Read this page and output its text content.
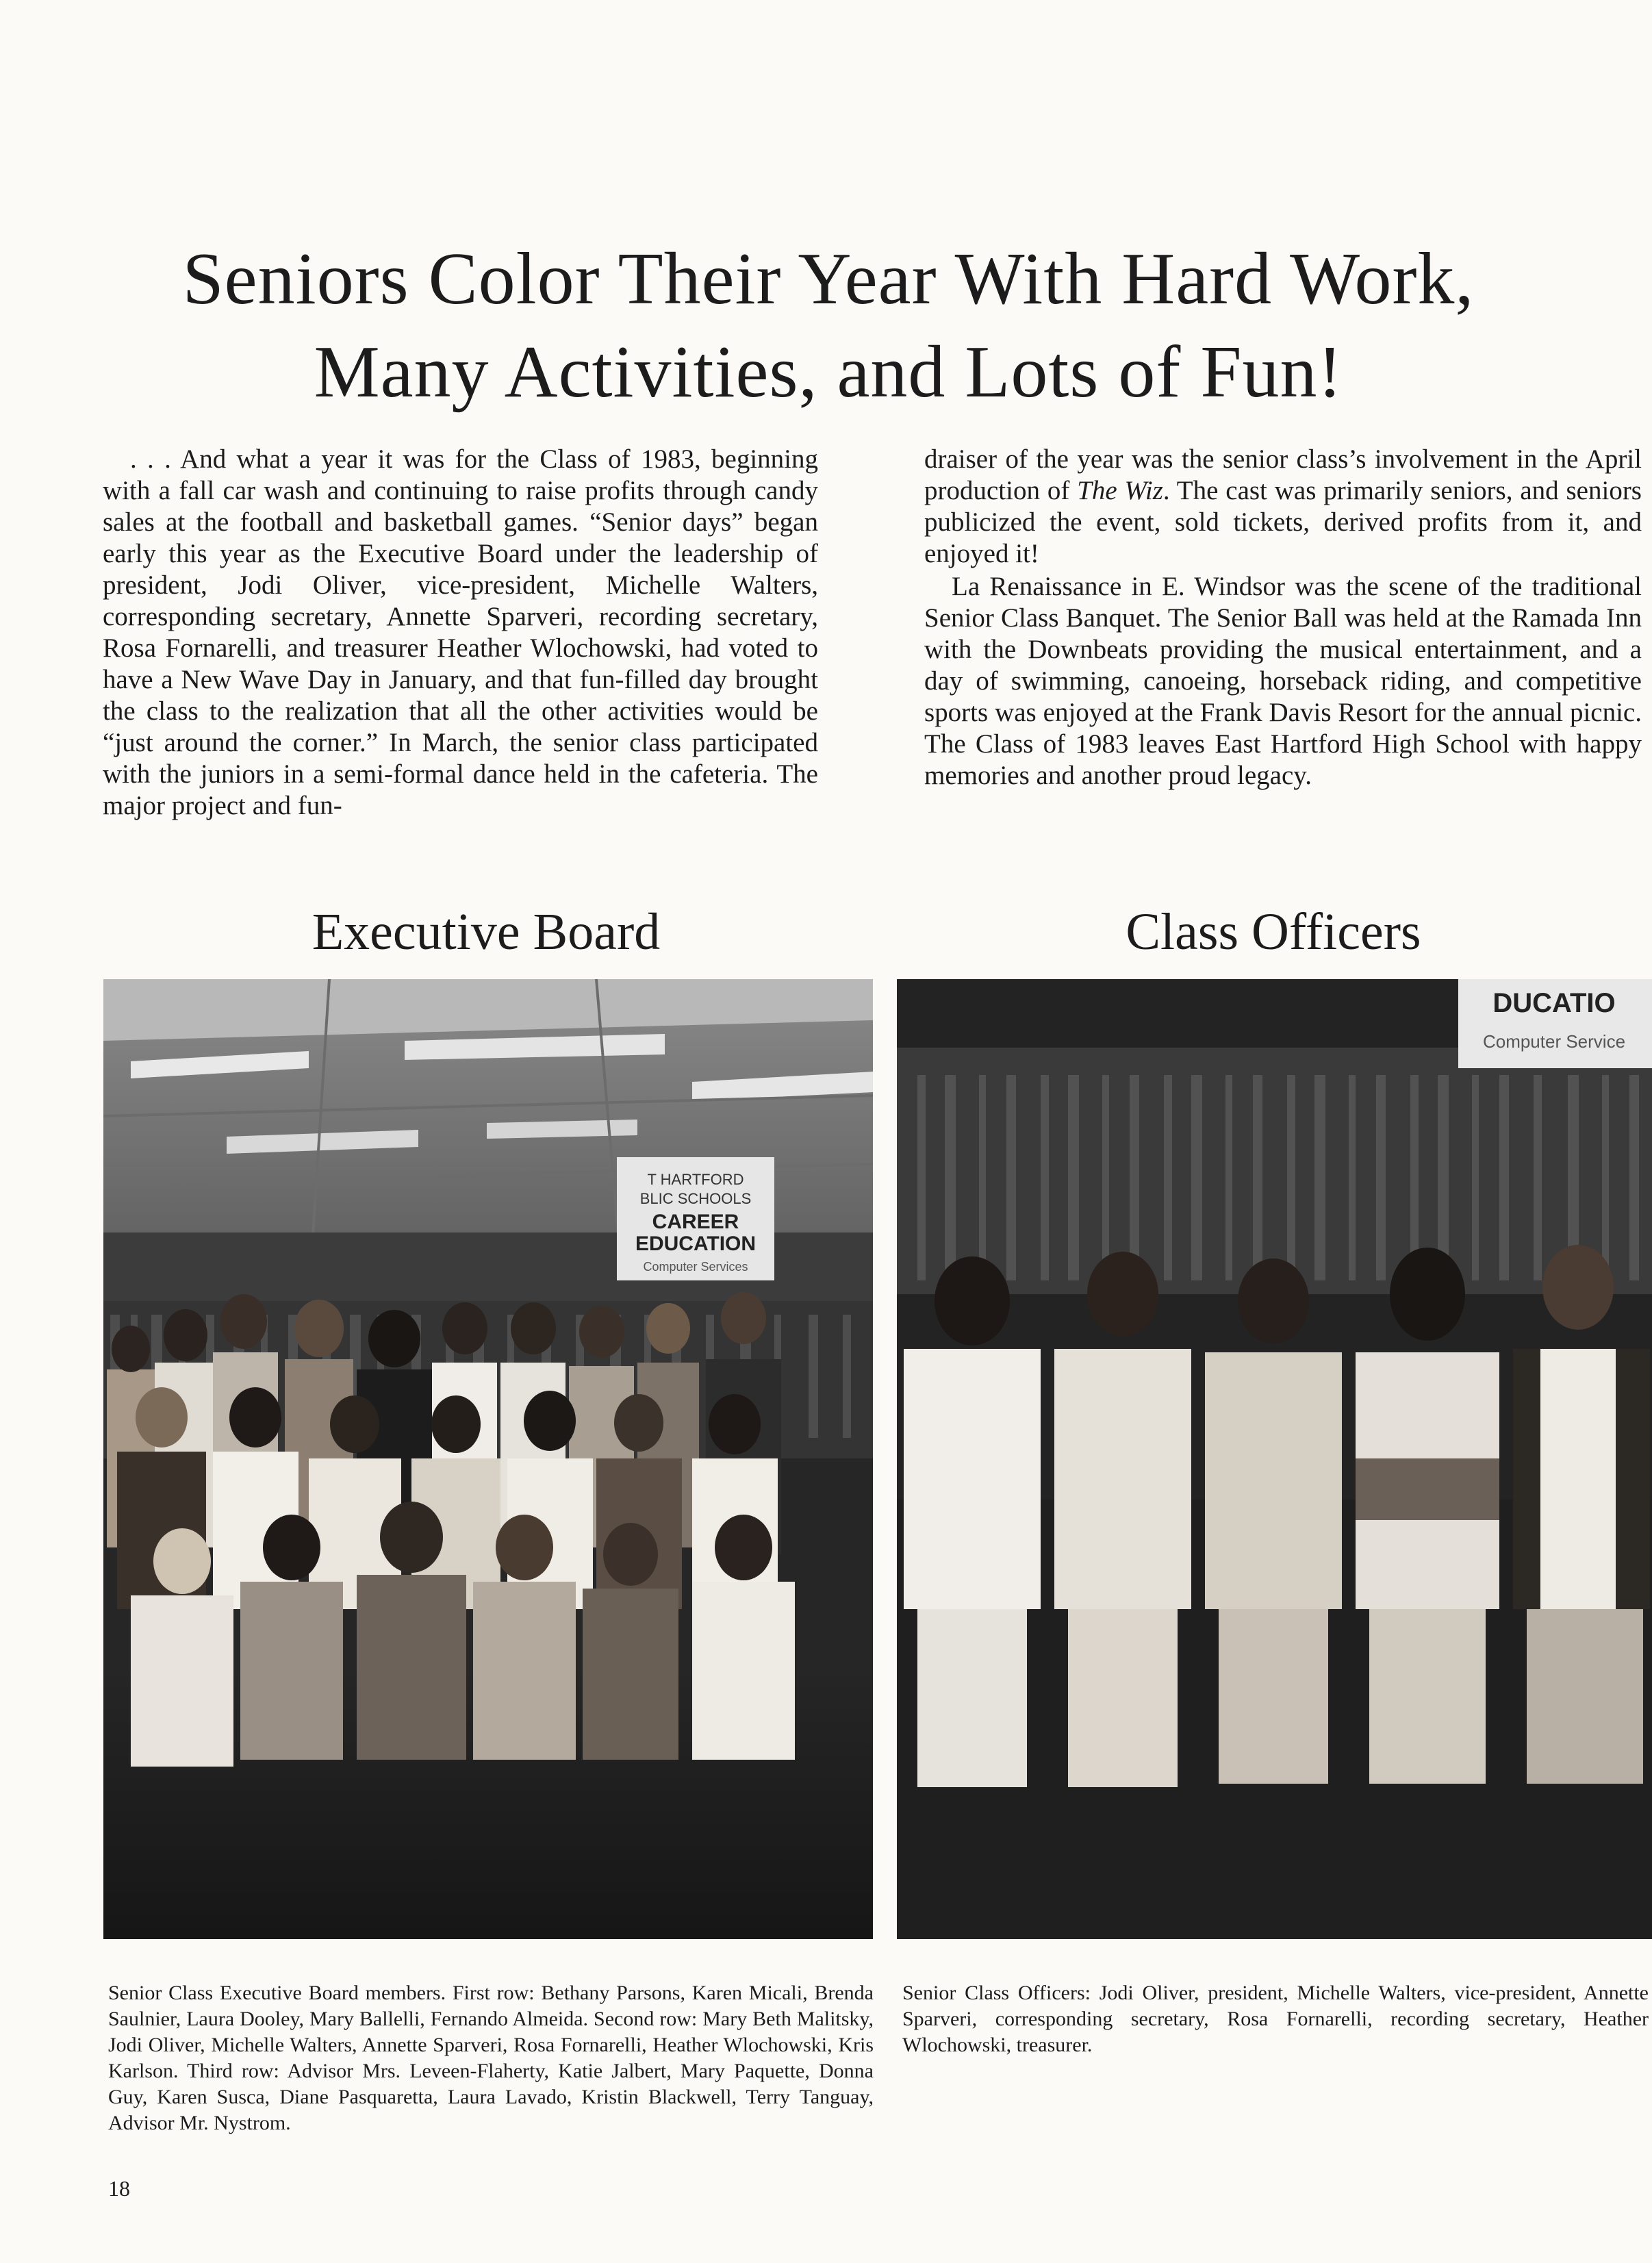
Seniors Color Their Year With Hard Work,
Many Activities, and Lots of Fun!

. . . And what a year it was for the Class of 1983, beginning with a fall car wash and continuing to raise profits through candy sales at the football and basketball games. “Senior days” began early this year as the Executive Board under the leadership of president, Jodi Oliver, vice-president, Michelle Walters, corresponding secretary, Annette Sparveri, recording secretary, Rosa Fornarelli, and treasurer Heather Wlochowski, had voted to have a New Wave Day in January, and that fun-filled day brought the class to the realization that all the other activities would be “just around the corner.” In March, the senior class participated with the juniors in a semi-formal dance held in the cafeteria. The major project and fun-

draiser of the year was the senior class’s involvement in the April production of The Wiz. The cast was primarily seniors, and seniors publicized the event, sold tickets, derived profits from it, and enjoyed it!

La Renaissance in E. Windsor was the scene of the traditional Senior Class Banquet. The Senior Ball was held at the Ramada Inn with the Downbeats providing the musical entertainment, and a day of swimming, canoeing, horseback riding, and competitive sports was enjoyed at the Frank Davis Resort for the annual picnic. The Class of 1983 leaves East Hartford High School with happy memories and another proud legacy.

Executive Board	Class Officers
T HARTFORD
BLIC SCHOOLS
CAREER
EDUCATION
Computer Services
DUCATIO
Computer Service

Senior Class Executive Board members. First row: Bethany Parsons, Karen Micali, Brenda Saulnier, Laura Dooley, Mary Ballelli, Fernando Almeida. Second row: Mary Beth Malitsky, Jodi Oliver, Michelle Walters, Annette Sparveri, Rosa Fornarelli, Heather Wlochowski, Kris Karlson. Third row: Advisor Mrs. Leveen-Flaherty, Katie Jalbert, Mary Paquette, Donna Guy, Karen Susca, Diane Pasquaretta, Laura Lavado, Kristin Blackwell, Terry Tanguay, Advisor Mr. Nystrom.

Senior Class Officers: Jodi Oliver, president, Michelle Walters, vice-president, Annette Sparveri, corresponding secretary, Rosa Fornarelli, recording secretary, Heather Wlochowski, treasurer.

18
